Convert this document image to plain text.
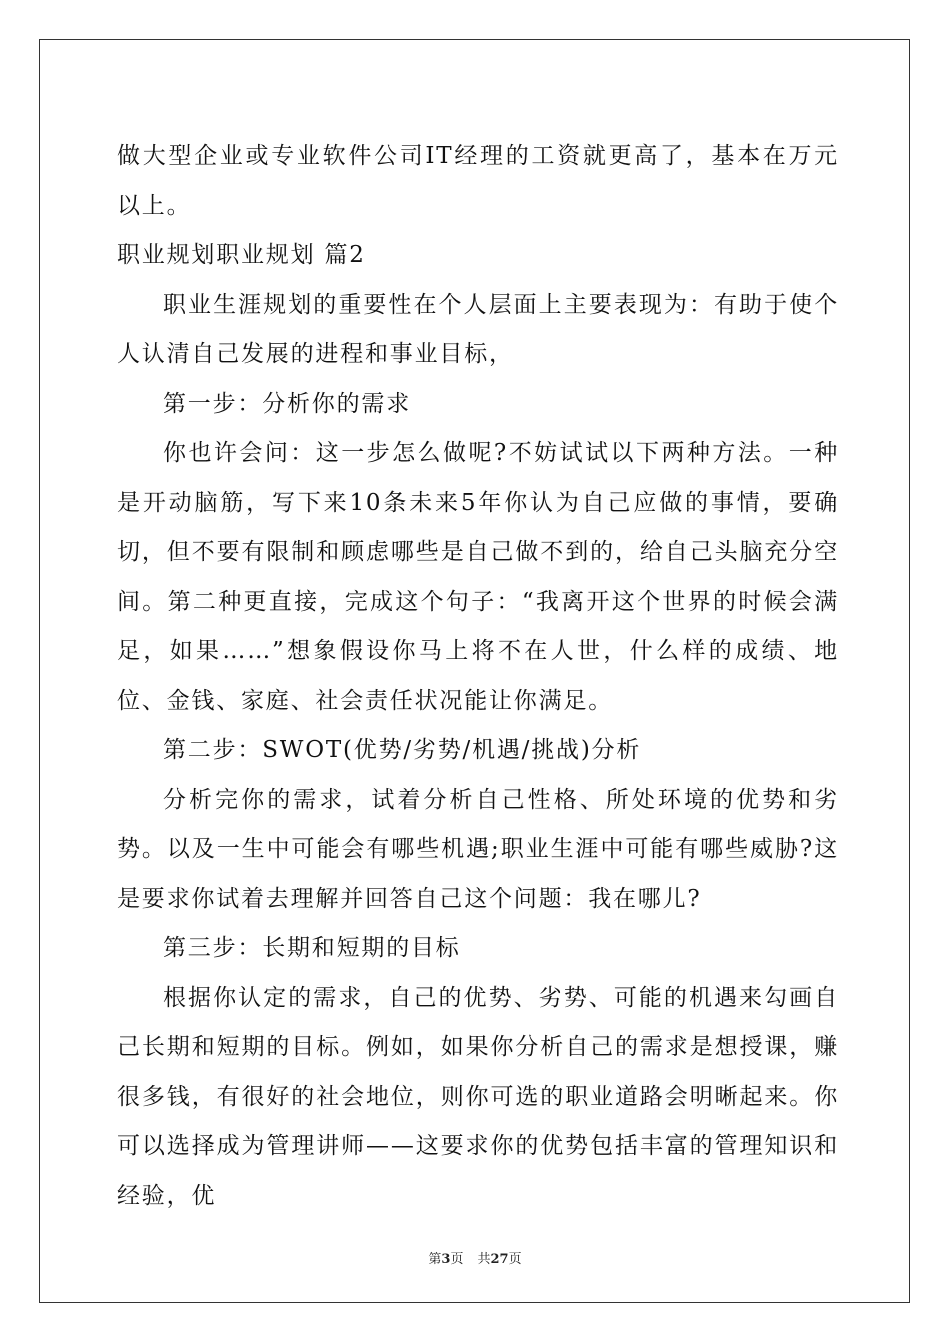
做大型企业或专业软件公司IT经理的工资就更高了，基本在万元以上。

职业规划职业规划 篇2

职业生涯规划的重要性在个人层面上主要表现为：有助于使个人认清自己发展的进程和事业目标，

第一步：分析你的需求

你也许会问：这一步怎么做呢?不妨试试以下两种方法。一种是开动脑筋，写下来10条未来5年你认为自己应做的事情，要确切，但不要有限制和顾虑哪些是自己做不到的，给自己头脑充分空间。第二种更直接，完成这个句子：“我离开这个世界的时候会满足，如果……”想象假设你马上将不在人世，什么样的成绩、地位、金钱、家庭、社会责任状况能让你满足。

第二步：SWOT(优势/劣势/机遇/挑战)分析

分析完你的需求，试着分析自己性格、所处环境的优势和劣势。以及一生中可能会有哪些机遇;职业生涯中可能有哪些威胁?这是要求你试着去理解并回答自己这个问题：我在哪儿?

第三步：长期和短期的目标

根据你认定的需求，自己的优势、劣势、可能的机遇来勾画自己长期和短期的目标。例如，如果你分析自己的需求是想授课，赚很多钱，有很好的社会地位，则你可选的职业道路会明晰起来。你可以选择成为管理讲师——这要求你的优势包括丰富的管理知识和经验，优

第3页 共27页
